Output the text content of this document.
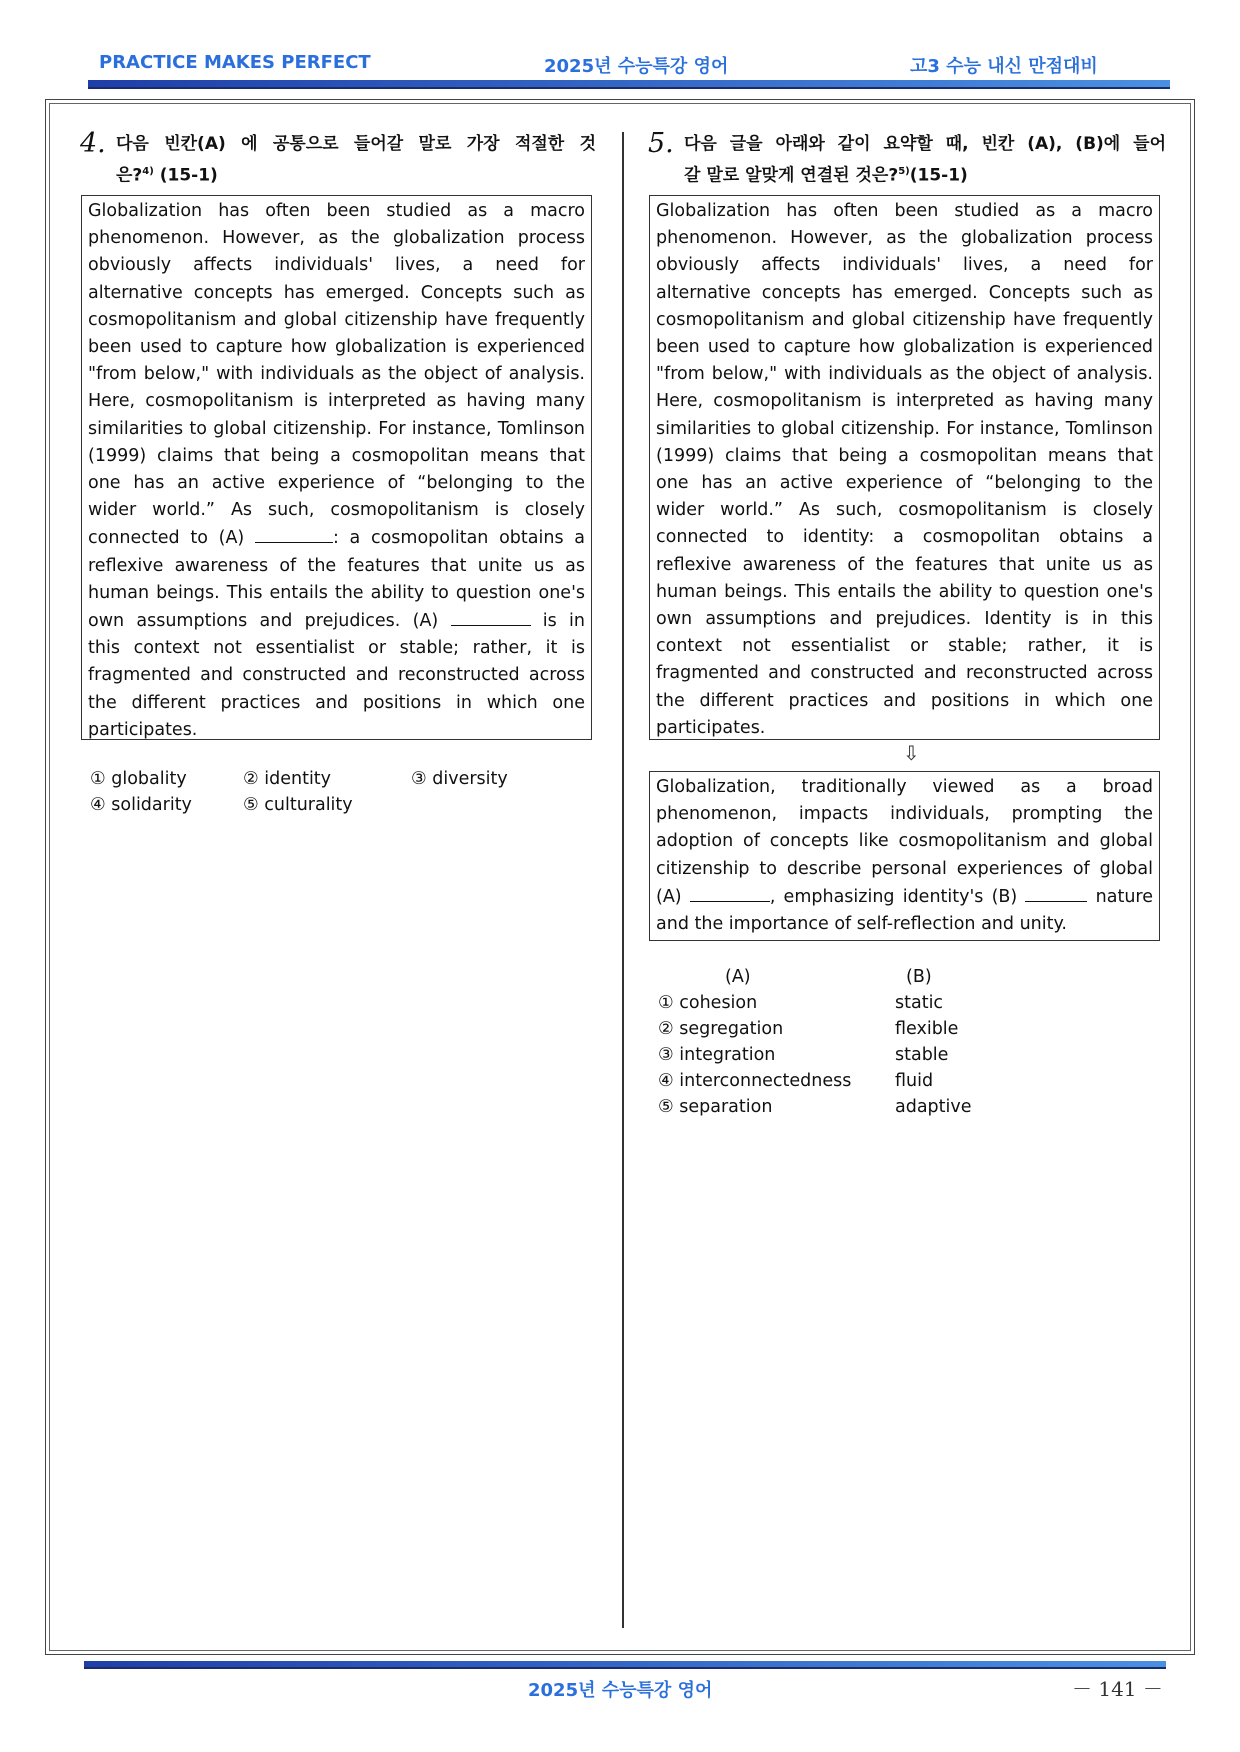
PRACTICE MAKES PERFECT	2025년 수능특강 영어	고3 수능 내신 만점대비
4. 다음 빈칸(A) 에 공통으로 들어갈 말로 가장 적절한 것
은?$^{4)}$ (15-1)
Globalization has often been studied as a macro
phenomenon. However, as the globalization process
obviously affects individuals' lives, a need for
alternative concepts has emerged. Concepts such as
cosmopolitanism and global citizenship have frequently
been used to capture how globalization is experienced
"from below," with individuals as the object of analysis.
Here, cosmopolitanism is interpreted as having many
similarities to global citizenship. For instance, Tomlinson
(1999) claims that being a cosmopolitan means that
one has an active experience of “belonging to the
wider world.” As such, cosmopolitanism is closely
connected to (A)	: a cosmopolitan obtains a
reflexive awareness of the features that unite us as
human beings. This entails the ability to question one's
own assumptions and prejudices. (A)	is in
this context not essentialist or stable; rather, it is
fragmented and constructed and reconstructed across
the different practices and positions in which one
participates.
① globality	② identity	③ diversity
④ solidarity	⑤ culturality
5. 다음 글을 아래와 같이 요약할 때, 빈칸 (A), (B)에 들어
갈 말로 알맞게 연결된 것은?$^{5)}$(15-1)
Globalization has often been studied as a macro
phenomenon. However, as the globalization process
obviously affects individuals' lives, a need for
alternative concepts has emerged. Concepts such as
cosmopolitanism and global citizenship have frequently
been used to capture how globalization is experienced
"from below," with individuals as the object of analysis.
Here, cosmopolitanism is interpreted as having many
similarities to global citizenship. For instance, Tomlinson
(1999) claims that being a cosmopolitan means that
one has an active experience of “belonging to the
wider world.” As such, cosmopolitanism is closely
connected to identity: a cosmopolitan obtains a
reflexive awareness of the features that unite us as
human beings. This entails the ability to question one's
own assumptions and prejudices. Identity is in this
context not essentialist or stable; rather, it is
fragmented and constructed and reconstructed across
the different practices and positions in which one
participates.
⇩
Globalization, traditionally viewed as a broad
phenomenon, impacts individuals, prompting the
adoption of concepts like cosmopolitanism and global
citizenship to describe personal experiences of global
(A)	, emphasizing identity's (B)	nature
and the importance of self-reflection and unity.
(A)	(B)
① cohesion	static
② segregation	flexible
③ integration	stable
④ interconnectedness fluid
⑤ separation	adaptive
2025년 수능특강 영어	－ 141 －
